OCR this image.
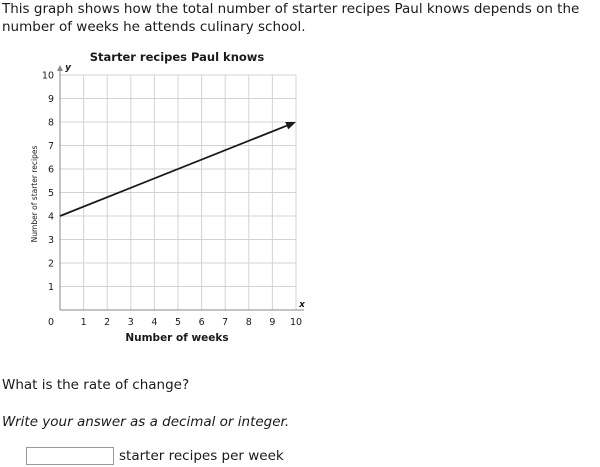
This graph shows how the total number of starter recipes Paul knows depends on the number of weeks he attends culinary school.

Starter recipes Paul knows
0	1 2 3 4 5 6 7 8 9 10
1
2
3
4
5
6
7
8
9
10
Number of weeks
Number of starter recipes
x
y

What is the rate of change?

Write your answer as a decimal or integer.

starter recipes per week
